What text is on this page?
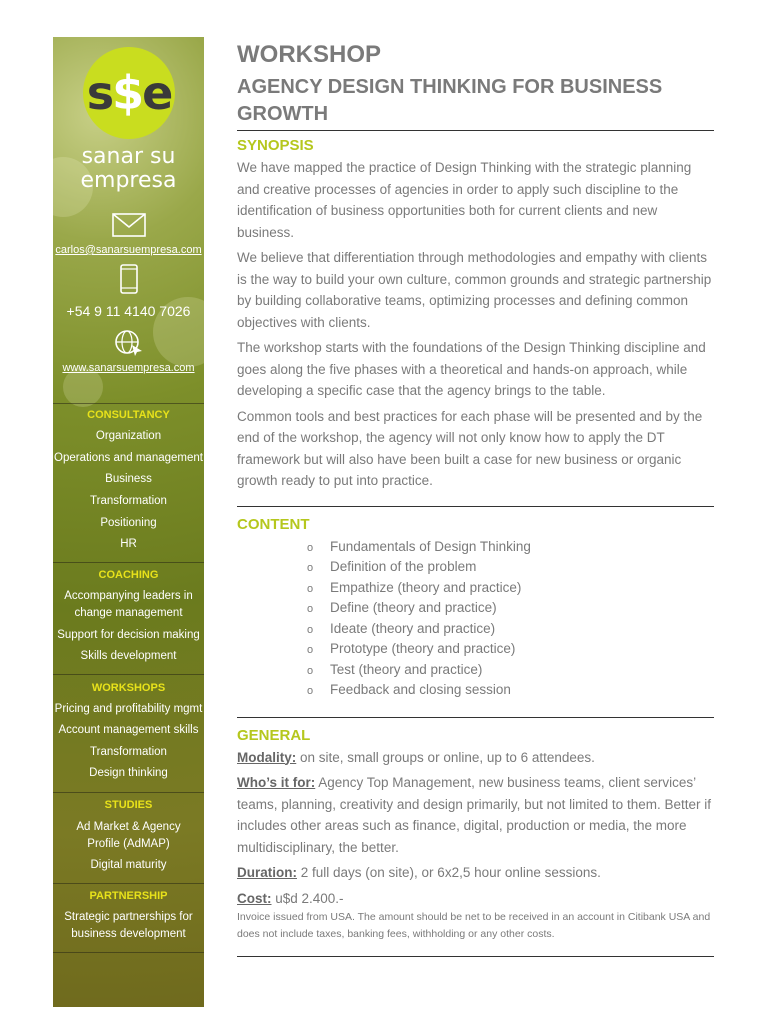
s$e
sanar su
empresa
carlos@sanarsuempresa.com
+54 9 11 4140 7026
www.sanarsuempresa.com
CONSULTANCY
Organization
Operations and management
Business
Transformation
Positioning
HR
COACHING
Accompanying leaders in change management
Support for decision making
Skills development
WORKSHOPS
Pricing and profitability mgmt
Account management skills
Transformation
Design thinking
STUDIES
Ad Market & Agency Profile (AdMAP)
Digital maturity
PARTNERSHIP
Strategic partnerships for business development
WORKSHOP
AGENCY DESIGN THINKING FOR BUSINESS GROWTH
SYNOPSIS

We have mapped the practice of Design Thinking with the strategic planning and creative processes of agencies in order to apply such discipline to the identification of business opportunities both for current clients and new business.

We believe that differentiation through methodologies and empathy with clients is the way to build your own culture, common grounds and strategic partnership by building collaborative teams, optimizing processes and defining common objectives with clients.

The workshop starts with the foundations of the Design Thinking discipline and goes along the five phases with a theoretical and hands-on approach, while developing a specific case that the agency brings to the table.

Common tools and best practices for each phase will be presented and by the end of the workshop, the agency will not only know how to apply the DT framework but will also have been built a case for new business or organic growth ready to put into practice.

CONTENT
o Fundamentals of Design Thinking
o Definition of the problem
o Empathize (theory and practice)
o Define (theory and practice)
o Ideate (theory and practice)
o Prototype (theory and practice)
o Test (theory and practice)
o Feedback and closing session
GENERAL

Modality: on site, small groups or online, up to 6 attendees.

Who’s it for: Agency Top Management, new business teams, client services’ teams, planning, creativity and design primarily, but not limited to them. Better if includes other areas such as finance, digital, production or media, the more multidisciplinary, the better.

Duration: 2 full days (on site), or 6x2,5 hour online sessions.

Cost: u$d 2.400.-

Invoice issued from USA. The amount should be net to be received in an account in Citibank USA and does not include taxes, banking fees, withholding or any other costs.
